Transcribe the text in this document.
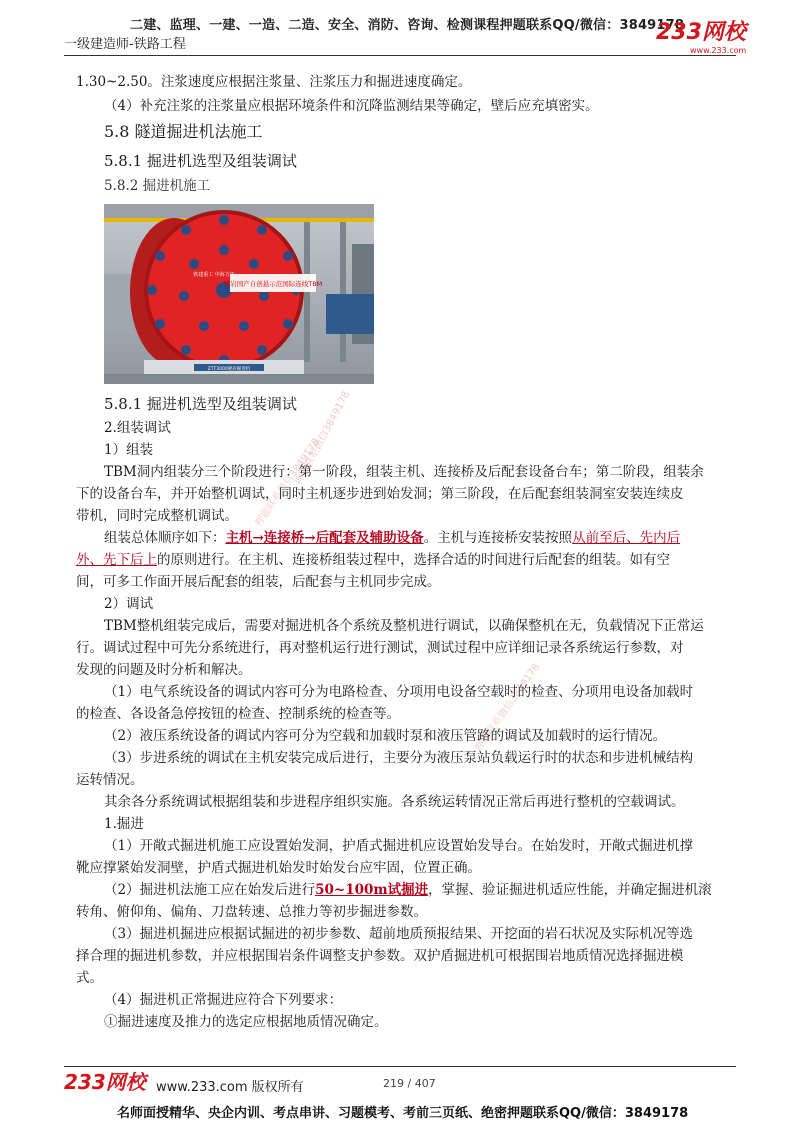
二建、监理、一建、一造、二造、安全、消防、咨询、检测课程押题联系QQ/微信：3849178
一级建造师-铁路工程	233网校
www.233.com
押题联系微信3849178
押题联系微信3849178
押题联系微信3849178
1.30~2.50。注浆速度应根据注浆量、注浆压力和掘进速度确定。
（4）补充注浆的注浆量应根据环境条件和沉降监测结果等确定，壁后应充填密实。
5.8 隧道掘进机法施工
5.8.1 掘进机选型及组装调试
5.8.2 掘进机施工
硬岩国产自创悬示范国际连线TBM
铁建重工 中海力拓
ZTT3000硬岩掘进机
5.8.1 掘进机选型及组装调试
2.组装调试
1）组装
TBM洞内组装分三个阶段进行：第一阶段，组装主机、连接桥及后配套设备台车；第二阶段，组装余
下的设备台车，并开始整机调试，同时主机逐步进到始发洞；第三阶段，在后配套组装洞室安装连续皮
带机，同时完成整机调试。
组装总体顺序如下：主机→连接桥→后配套及辅助设备。主机与连接桥安装按照从前至后、先内后
外、先下后上的原则进行。在主机、连接桥组装过程中，选择合适的时间进行后配套的组装。如有空
间，可多工作面开展后配套的组装，后配套与主机同步完成。
2）调试
TBM整机组装完成后，需要对掘进机各个系统及整机进行调试，以确保整机在无，负载情况下正常运
行。调试过程中可先分系统进行，再对整机运行进行测试，测试过程中应详细记录各系统运行参数，对
发现的问题及时分析和解决。
（1）电气系统设备的调试内容可分为电路检查、分项用电设备空载时的检查、分项用电设备加载时
的检查、各设备急停按钮的检查、控制系统的检查等。
（2）液压系统设备的调试内容可分为空载和加载时泵和液压管路的调试及加载时的运行情况。
（3）步进系统的调试在主机安装完成后进行，主要分为液压泵站负载运行时的状态和步进机械结构
运转情况。
其余各分系统调试根据组装和步进程序组织实施。各系统运转情况正常后再进行整机的空载调试。
1.掘进
（1）开敞式掘进机施工应设置始发洞，护盾式掘进机应设置始发导台。在始发时，开敞式掘进机撑
靴应撑紧始发洞壁，护盾式掘进机始发时始发台应牢固，位置正确。
（2）掘进机法施工应在始发后进行50~100m试掘进，掌握、验证掘进机适应性能，并确定掘进机滚
转角、俯仰角、偏角、刀盘转速、总推力等初步掘进参数。
（3）掘进机掘进应根据试掘进的初步参数、超前地质预报结果、开挖面的岩石状况及实际机况等选
择合理的掘进机参数，并应根据围岩条件调整支护参数。双护盾掘进机可根据围岩地质情况选择掘进模
式。
（4）掘进机正常掘进应符合下列要求：
①掘进速度及推力的选定应根据地质情况确定。
233网校 www.233.com 版权所有	219 / 407
名师面授精华、央企内训、考点串讲、习题模考、考前三页纸、绝密押题联系QQ/微信：3849178
